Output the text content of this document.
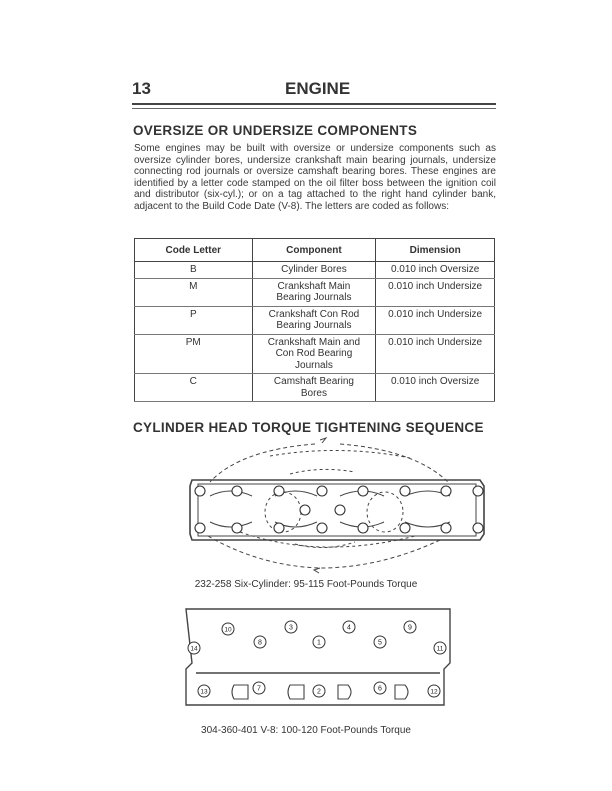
13	ENGINE
OVERSIZE OR UNDERSIZE COMPONENTS
Some engines may be built with oversize or undersize components such as oversize cylinder bores, undersize crankshaft main bearing journals, undersize connecting rod journals or oversize camshaft bearing bores. These engines are identified by a letter code stamped on the oil filter boss between the ignition coil and distributor (six-cyl.); or on a tag attached to the right hand cylinder bank, adjacent to the Build Code Date (V-8). The letters are coded as follows:
Code Letter	Component	Dimension
B	Cylinder Bores	0.010 inch Oversize
M	Crankshaft Main Bearing Journals	0.010 inch Undersize
P	Crankshaft Con Rod Bearing Journals	0.010 inch Undersize
PM	Crankshaft Main and Con Rod Bearing Journals	0.010 inch Undersize
C	Camshaft Bearing Bores	0.010 inch Oversize
CYLINDER HEAD TORQUE TIGHTENING SEQUENCE
232-258 Six-Cylinder: 95-115 Foot-Pounds Torque
1
2
3	4
5
6
7
8
9
10
11
12
13
14
304-360-401 V-8: 100-120 Foot-Pounds Torque
